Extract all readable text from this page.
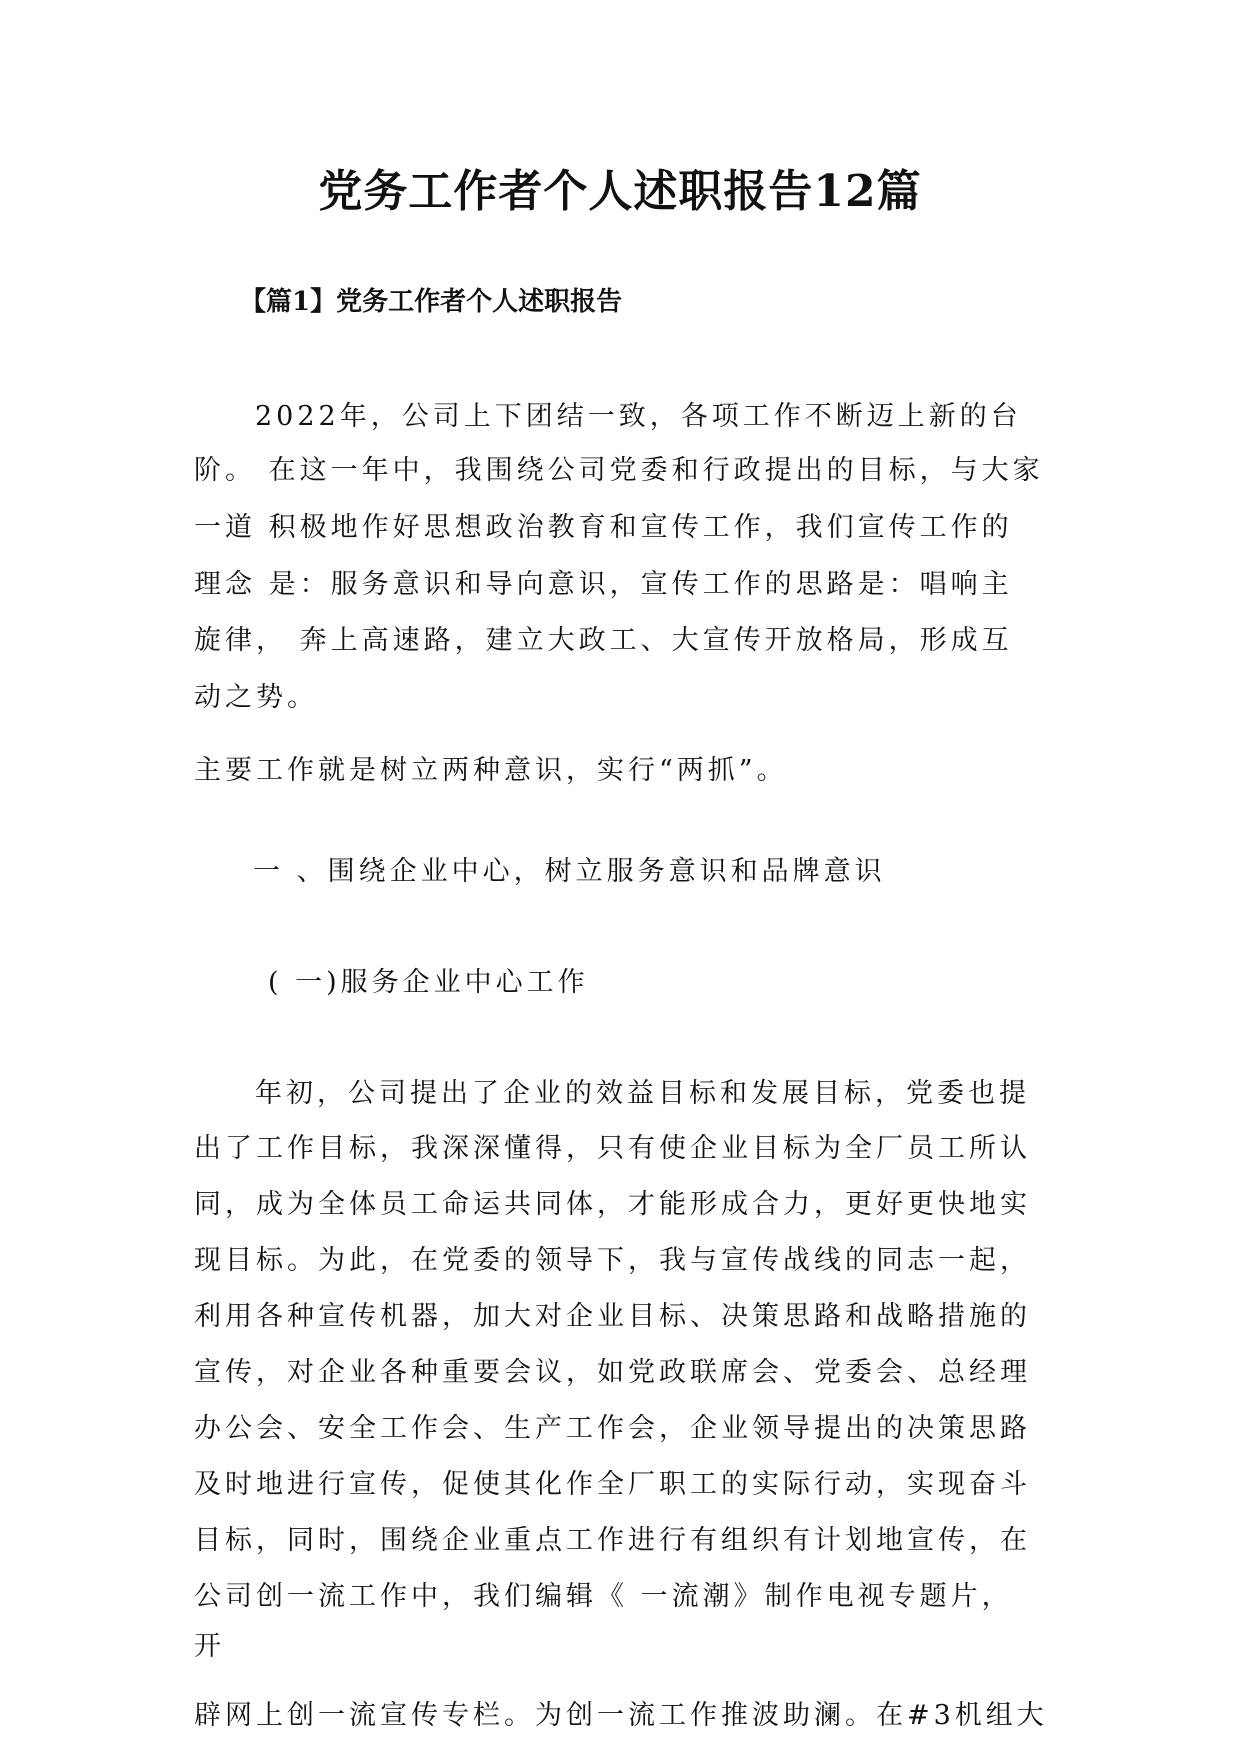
党务工作者个人述职报告12篇
【篇1】党务工作者个人述职报告
2022年，公司上下团结一致，各项工作不断迈上新的台
阶。 在这一年中，我围绕公司党委和行政提出的目标，与大家
一道 积极地作好思想政治教育和宣传工作，我们宣传工作的
理念 是：服务意识和导向意识，宣传工作的思路是：唱响主
旋律， 奔上高速路，建立大政工、大宣传开放格局，形成互
动之势。
主要工作就是树立两种意识，实行“两抓”。
一 、围绕企业中心，树立服务意识和品牌意识
( 一)服务企业中心工作
年初，公司提出了企业的效益目标和发展目标，党委也提
出了工作目标，我深深懂得，只有使企业目标为全厂员工所认
同，成为全体员工命运共同体，才能形成合力，更好更快地实
现目标。为此，在党委的领导下，我与宣传战线的同志一起，
利用各种宣传机器，加大对企业目标、决策思路和战略措施的
宣传，对企业各种重要会议，如党政联席会、党委会、总经理
办公会、安全工作会、生产工作会，企业领导提出的决策思路
及时地进行宣传，促使其化作全厂职工的实际行动，实现奋斗
目标，同时，围绕企业重点工作进行有组织有计划地宣传，在
公司创一流工作中，我们编辑《 一流潮》制作电视专题片，
开
辟网上创一流宣传专栏。为创一流工作推波助澜。在#3机组大
